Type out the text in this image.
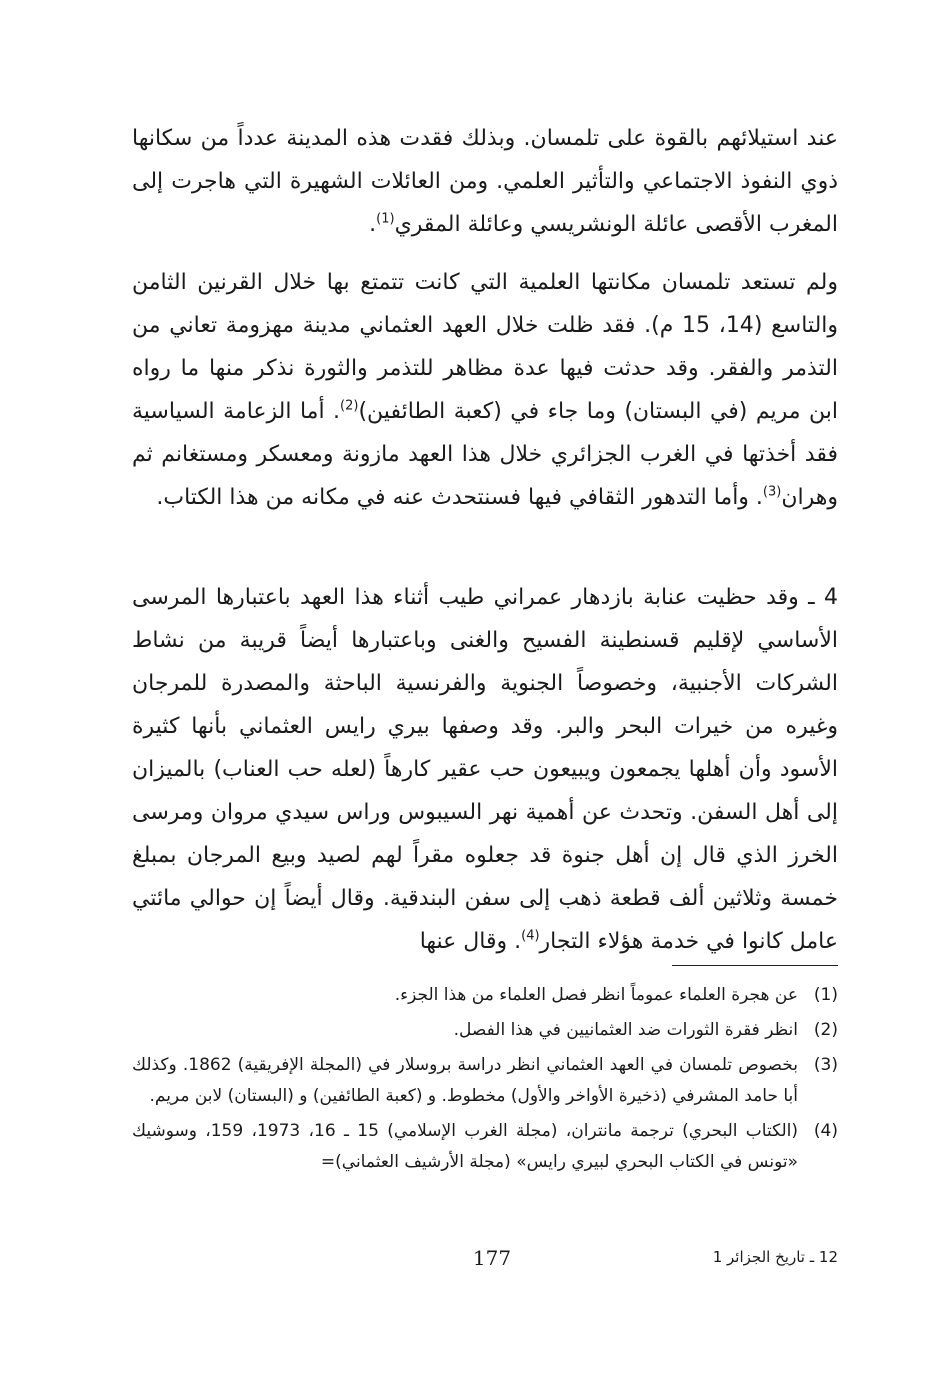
عند استيلائهم بالقوة على تلمسان. وبذلك فقدت هذه المدينة عدداً من سكانها ذوي النفوذ الاجتماعي والتأثير العلمي. ومن العائلات الشهيرة التي هاجرت إلى المغرب الأقصى عائلة الونشريسي وعائلة المقري$^{(1)}$.

ولم تستعد تلمسان مكانتها العلمية التي كانت تتمتع بها خلال القرنين الثامن والتاسع (14، 15 م). فقد ظلت خلال العهد العثماني مدينة مهزومة تعاني من التذمر والفقر. وقد حدثت فيها عدة مظاهر للتذمر والثورة نذكر منها ما رواه ابن مريم (في البستان) وما جاء في (كعبة الطائفين)$^{(2)}$. أما الزعامة السياسية فقد أخذتها في الغرب الجزائري خلال هذا العهد مازونة ومعسكر ومستغانم ثم وهران$^{(3)}$. وأما التدهور الثقافي فيها فسنتحدث عنه في مكانه من هذا الكتاب.

4 ـ وقد حظيت عنابة بازدهار عمراني طيب أثناء هذا العهد باعتبارها المرسى الأساسي لإقليم قسنطينة الفسيح والغنى وباعتبارها أيضاً قريبة من نشاط الشركات الأجنبية، وخصوصاً الجنوية والفرنسية الباحثة والمصدرة للمرجان وغيره من خيرات البحر والبر. وقد وصفها بيري رايس العثماني بأنها كثيرة الأسود وأن أهلها يجمعون ويبيعون حب عقير كارهاً (لعله حب العناب) بالميزان إلى أهل السفن. وتحدث عن أهمية نهر السيبوس وراس سيدي مروان ومرسى الخرز الذي قال إن أهل جنوة قد جعلوه مقراً لهم لصيد وبيع المرجان بمبلغ خمسة وثلاثين ألف قطعة ذهب إلى سفن البندقية. وقال أيضاً إن حوالي مائتي عامل كانوا في خدمة هؤلاء التجار$^{(4)}$. وقال عنها

(1)
عن هجرة العلماء عموماً انظر فصل العلماء من هذا الجزء.
(2)
انظر فقرة الثورات ضد العثمانيين في هذا الفصل.
(3)
بخصوص تلمسان في العهد العثماني انظر دراسة بروسلار في (المجلة الإفريقية) 1862. وكذلك أبا حامد المشرفي (ذخيرة الأواخر والأول) مخطوط. و (كعبة الطائفين) و (البستان) لابن مريم.
(4)
(الكتاب البحري) ترجمة مانتران، (مجلة الغرب الإسلامي) 15 ـ 16، 1973، 159، وسوشيك «تونس في الكتاب البحري لبيري رايس» (مجلة الأرشيف العثماني)=
177	12 ـ تاريخ الجزائر 1
